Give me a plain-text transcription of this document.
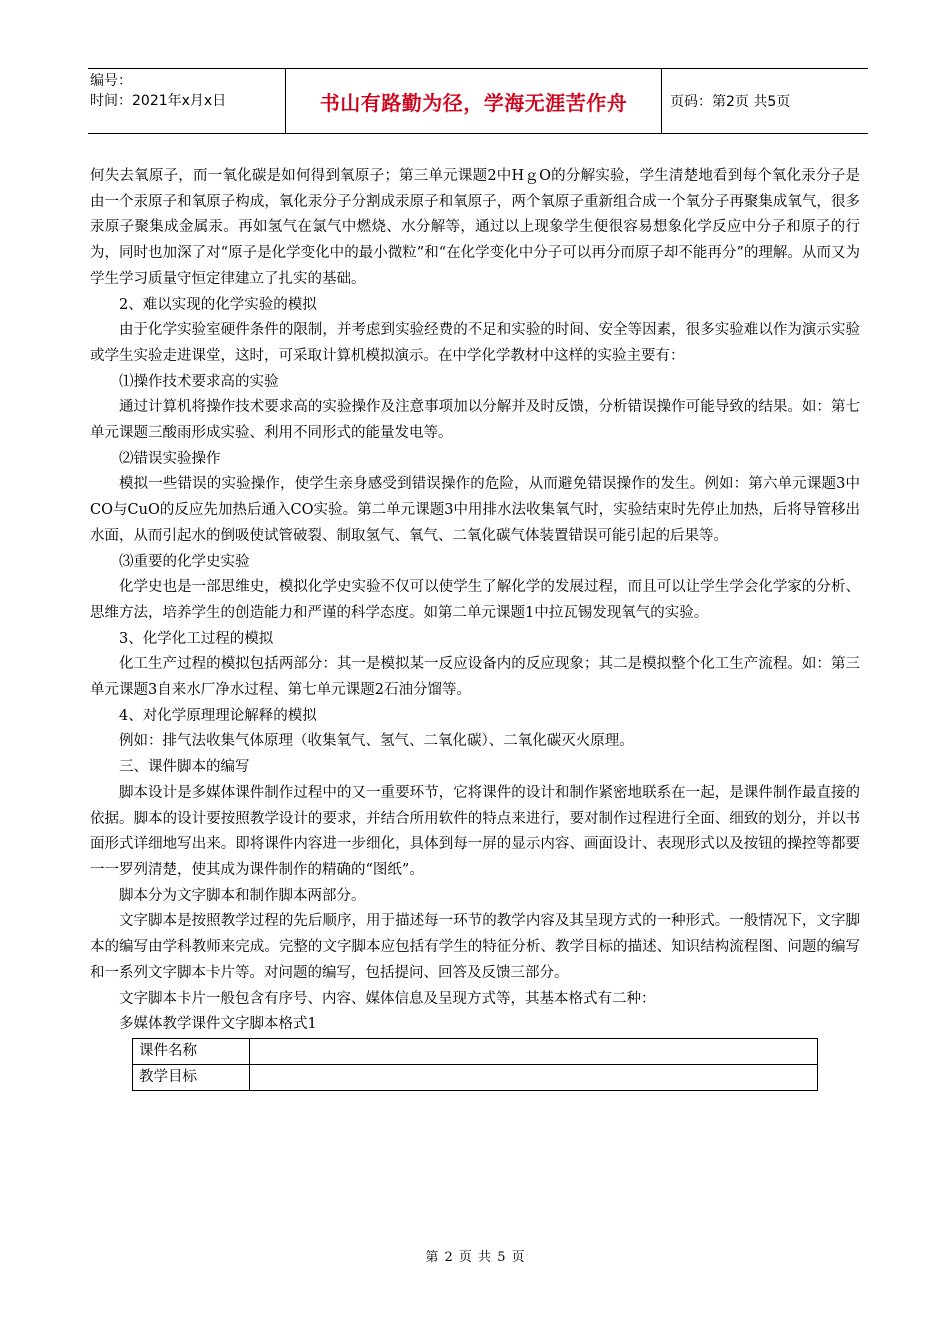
编号：
时间：2021年x月x日	书山有路勤为径，学海无涯苦作舟	页码：第2页 共5页

何失去氧原子，而一氧化碳是如何得到氧原子；第三单元课题2中HｇO的分解实验，学生清楚地看到每个氧化汞分子是由一个汞原子和氧原子构成，氧化汞分子分割成汞原子和氧原子，两个氧原子重新组合成一个氧分子再聚集成氧气，很多汞原子聚集成金属汞。再如氢气在氯气中燃烧、水分解等，通过以上现象学生便很容易想象化学反应中分子和原子的行为，同时也加深了对“原子是化学变化中的最小微粒”和“在化学变化中分子可以再分而原子却不能再分”的理解。从而又为学生学习质量守恒定律建立了扎实的基础。

2、难以实现的化学实验的模拟

由于化学实验室硬件条件的限制，并考虑到实验经费的不足和实验的时间、安全等因素，很多实验难以作为演示实验或学生实验走进课堂，这时，可采取计算机模拟演示。在中学化学教材中这样的实验主要有：

⑴操作技术要求高的实验

通过计算机将操作技术要求高的实验操作及注意事项加以分解并及时反馈，分析错误操作可能导致的结果。如：第七单元课题三酸雨形成实验、利用不同形式的能量发电等。

⑵错误实验操作

模拟一些错误的实验操作，使学生亲身感受到错误操作的危险，从而避免错误操作的发生。例如：第六单元课题3中CO与CuO的反应先加热后通入CO实验。第二单元课题3中用排水法收集氧气时，实验结束时先停止加热，后将导管移出水面，从而引起水的倒吸使试管破裂、制取氢气、氧气、二氧化碳气体装置错误可能引起的后果等。

⑶重要的化学史实验

化学史也是一部思维史，模拟化学史实验不仅可以使学生了解化学的发展过程，而且可以让学生学会化学家的分析、思维方法，培养学生的创造能力和严谨的科学态度。如第二单元课题1中拉瓦锡发现氧气的实验。

3、化学化工过程的模拟

化工生产过程的模拟包括两部分：其一是模拟某一反应设备内的反应现象；其二是模拟整个化工生产流程。如：第三单元课题3自来水厂净水过程、第七单元课题2石油分馏等。

4、对化学原理理论解释的模拟

例如：排气法收集气体原理（收集氧气、氢气、二氧化碳）、二氧化碳灭火原理。

三、课件脚本的编写

脚本设计是多媒体课件制作过程中的又一重要环节，它将课件的设计和制作紧密地联系在一起，是课件制作最直接的依据。脚本的设计要按照教学设计的要求，并结合所用软件的特点来进行，要对制作过程进行全面、细致的划分，并以书面形式详细地写出来。即将课件内容进一步细化，具体到每一屏的显示内容、画面设计、表现形式以及按钮的操控等都要一一罗列清楚，使其成为课件制作的精确的“图纸”。

脚本分为文字脚本和制作脚本两部分。

文字脚本是按照教学过程的先后顺序，用于描述每一环节的教学内容及其呈现方式的一种形式。一般情况下，文字脚本的编写由学科教师来完成。完整的文字脚本应包括有学生的特征分析、教学目标的描述、知识结构流程图、问题的编写和一系列文字脚本卡片等。对问题的编写，包括提问、回答及反馈三部分。

文字脚本卡片一般包含有序号、内容、媒体信息及呈现方式等，其基本格式有二种：

多媒体教学课件文字脚本格式1

课件名称	
教学目标	
第 2 页 共 5 页
